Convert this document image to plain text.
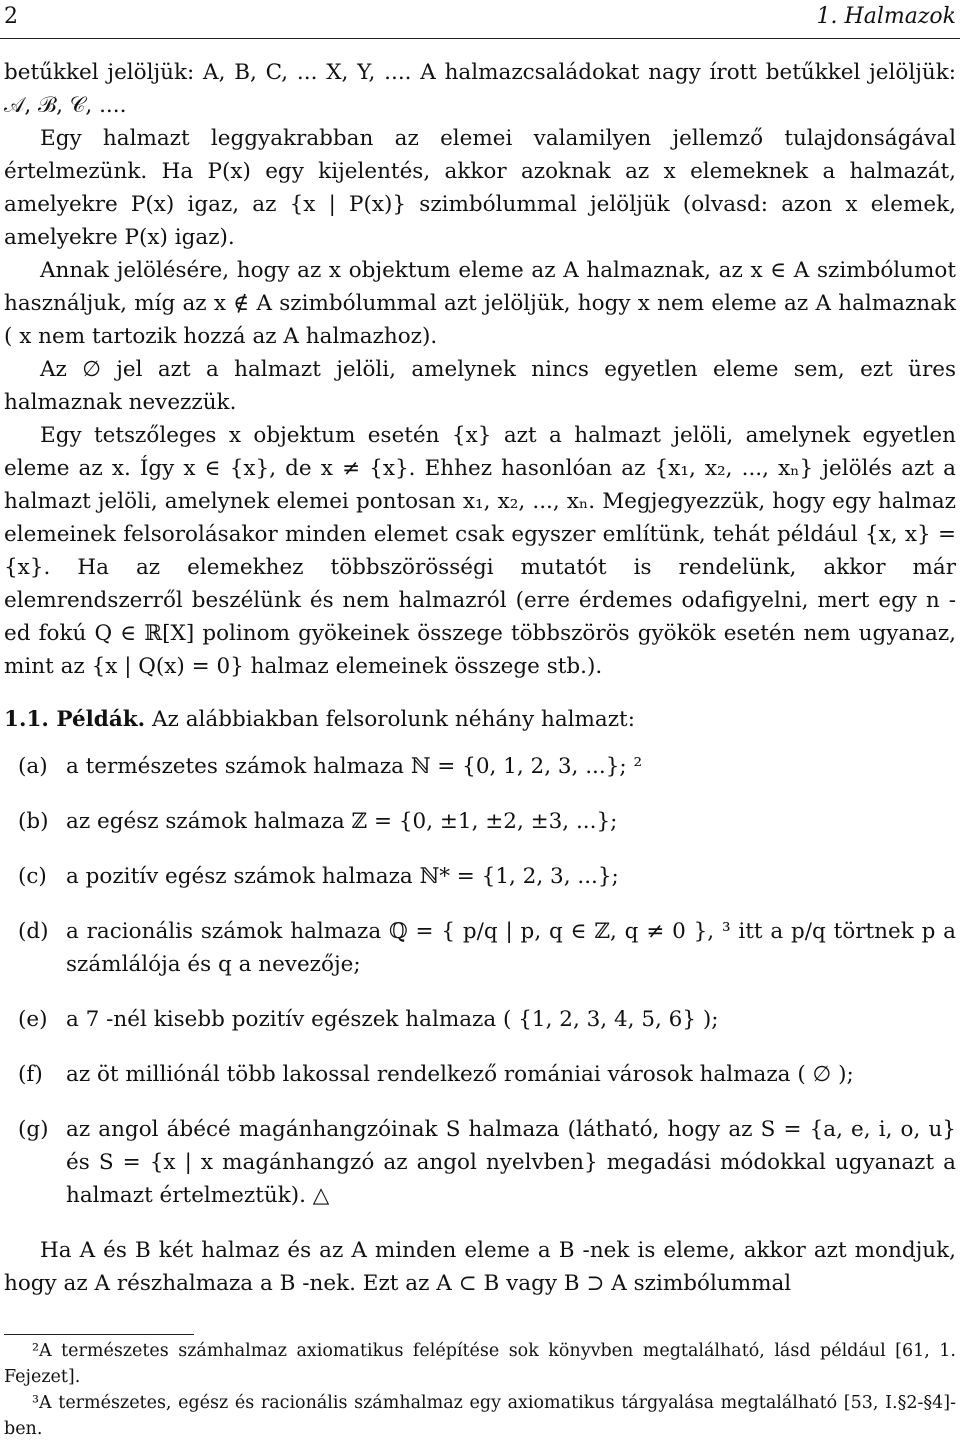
2	1. Halmazok

betűkkel jelöljük: A, B, C, ... X, Y, .... A halmazcsaládokat nagy írott betűkkel jelöljük: 𝒜, ℬ, 𝒞, ....

Egy halmazt leggyakrabban az elemei valamilyen jellemző tulajdonságával értelmezünk. Ha P(x) egy kijelentés, akkor azoknak az x elemeknek a halmazát, amelyekre P(x) igaz, az {x | P(x)} szimbólummal jelöljük (olvasd: azon x elemek, amelyekre P(x) igaz).

Annak jelölésére, hogy az x objektum eleme az A halmaznak, az x ∈ A szimbólumot használjuk, míg az x ∉ A szimbólummal azt jelöljük, hogy x nem eleme az A halmaznak ( x nem tartozik hozzá az A halmazhoz).

Az ∅ jel azt a halmazt jelöli, amelynek nincs egyetlen eleme sem, ezt üres halmaznak nevezzük.

Egy tetszőleges x objektum esetén {x} azt a halmazt jelöli, amelynek egyetlen eleme az x. Így x ∈ {x}, de x ≠ {x}. Ehhez hasonlóan az {x₁, x₂, ..., xₙ} jelölés azt a halmazt jelöli, amelynek elemei pontosan x₁, x₂, ..., xₙ. Megjegyezzük, hogy egy halmaz elemeinek felsorolásakor minden elemet csak egyszer említünk, tehát például {x, x} = {x}. Ha az elemekhez többszörösségi mutatót is rendelünk, akkor már elemrendszerről beszélünk és nem halmazról (erre érdemes odafigyelni, mert egy n -ed fokú Q ∈ ℝ[X] polinom gyökeinek összege többszörös gyökök esetén nem ugyanaz, mint az {x | Q(x) = 0} halmaz elemeinek összege stb.).

1.1. Példák. Az alábbiakban felsorolunk néhány halmazt:

(a) a természetes számok halmaza ℕ = {0, 1, 2, 3, ...}; ²
(b) az egész számok halmaza ℤ = {0, ±1, ±2, ±3, ...};
(c) a pozitív egész számok halmaza ℕ* = {1, 2, 3, ...};
(d) a racionális számok halmaza ℚ = { p/q | p, q ∈ ℤ, q ≠ 0 }, ³ itt a p/q törtnek p a számlálója és q a nevezője;
(e) a 7 -nél kisebb pozitív egészek halmaza ( {1, 2, 3, 4, 5, 6} );
(f) az öt milliónál több lakossal rendelkező romániai városok halmaza ( ∅ );
(g) az angol ábécé magánhangzóinak S halmaza (látható, hogy az S = {a, e, i, o, u} és S = {x | x magánhangzó az angol nyelvben} megadási módokkal ugyanazt a halmazt értelmeztük). △

Ha A és B két halmaz és az A minden eleme a B -nek is eleme, akkor azt mondjuk, hogy az A részhalmaza a B -nek. Ezt az A ⊂ B vagy B ⊃ A szimbólummal

²A természetes számhalmaz axiomatikus felépítése sok könyvben megtalálható, lásd például [61, 1. Fejezet].

³A természetes, egész és racionális számhalmaz egy axiomatikus tárgyalása megtalálható [53, I.§2-§4]-ben.
